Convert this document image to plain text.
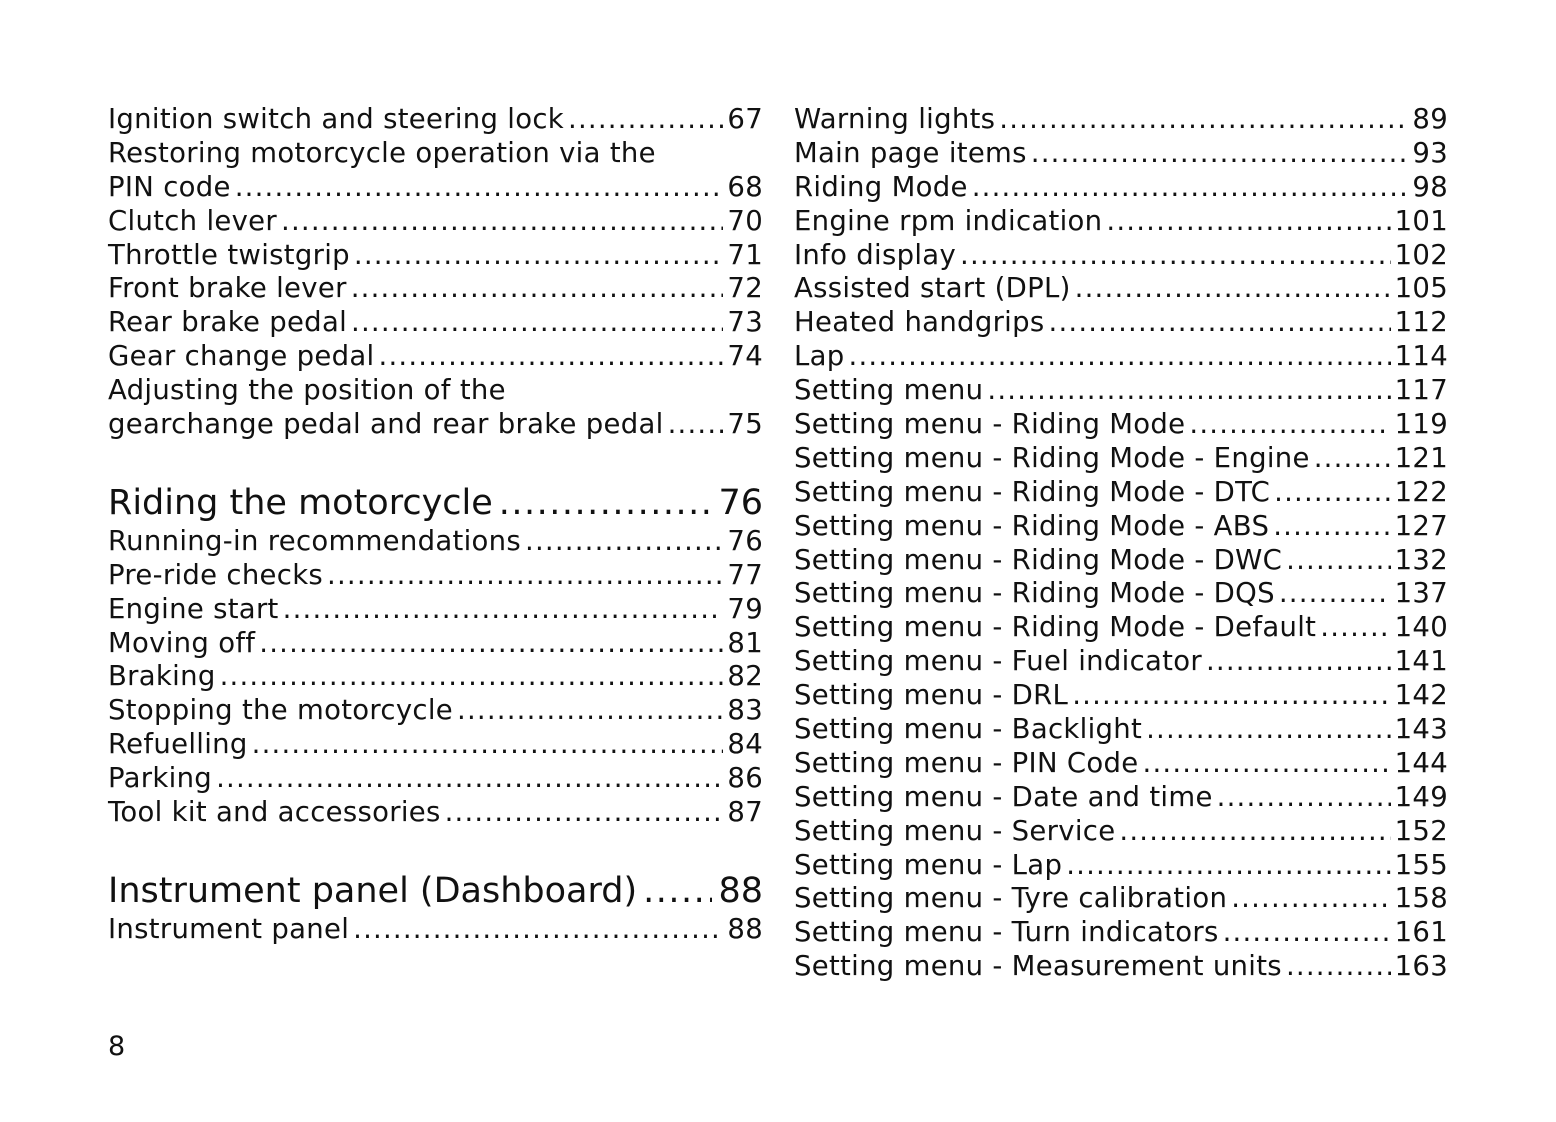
Ignition switch and steering lock .....	67
Restoring motorcycle operation via the
PIN code .....	68
Clutch lever .....	70
Throttle twistgrip .....	71
Front brake lever .....	72
Rear brake pedal .....	73
Gear change pedal .....	74
Adjusting the position of the
gearchange pedal and rear brake pedal ..... 75
Riding the motorcycle .....	76
Running-in recommendations .....	76
Pre-ride checks .....	77
Engine start .....	79
Moving off .....	81
Braking .....	82
Stopping the motorcycle .....	83
Refuelling .....	84
Parking .....	86
Tool kit and accessories .....	87
Instrument panel (Dashboard) ..... 88
Instrument panel .....	88
Warning lights .....	89
Main page items .....	93
Riding Mode .....	98
Engine rpm indication .....	101
Info display .....	102
Assisted start (DPL) .....	105
Heated handgrips .....	112
Lap .....	114
Setting menu .....	117
Setting menu - Riding Mode .....	119
Setting menu - Riding Mode - Engine .....	121
Setting menu - Riding Mode - DTC .....	122
Setting menu - Riding Mode - ABS .....	127
Setting menu - Riding Mode - DWC .....	132
Setting menu - Riding Mode - DQS .....	137
Setting menu - Riding Mode - Default .....	140
Setting menu - Fuel indicator .....	141
Setting menu - DRL .....	142
Setting menu - Backlight .....	143
Setting menu - PIN Code .....	144
Setting menu - Date and time .....	149
Setting menu - Service .....	152
Setting menu - Lap .....	155
Setting menu - Tyre calibration .....	158
Setting menu - Turn indicators .....	161
Setting menu - Measurement units .....	163
8
